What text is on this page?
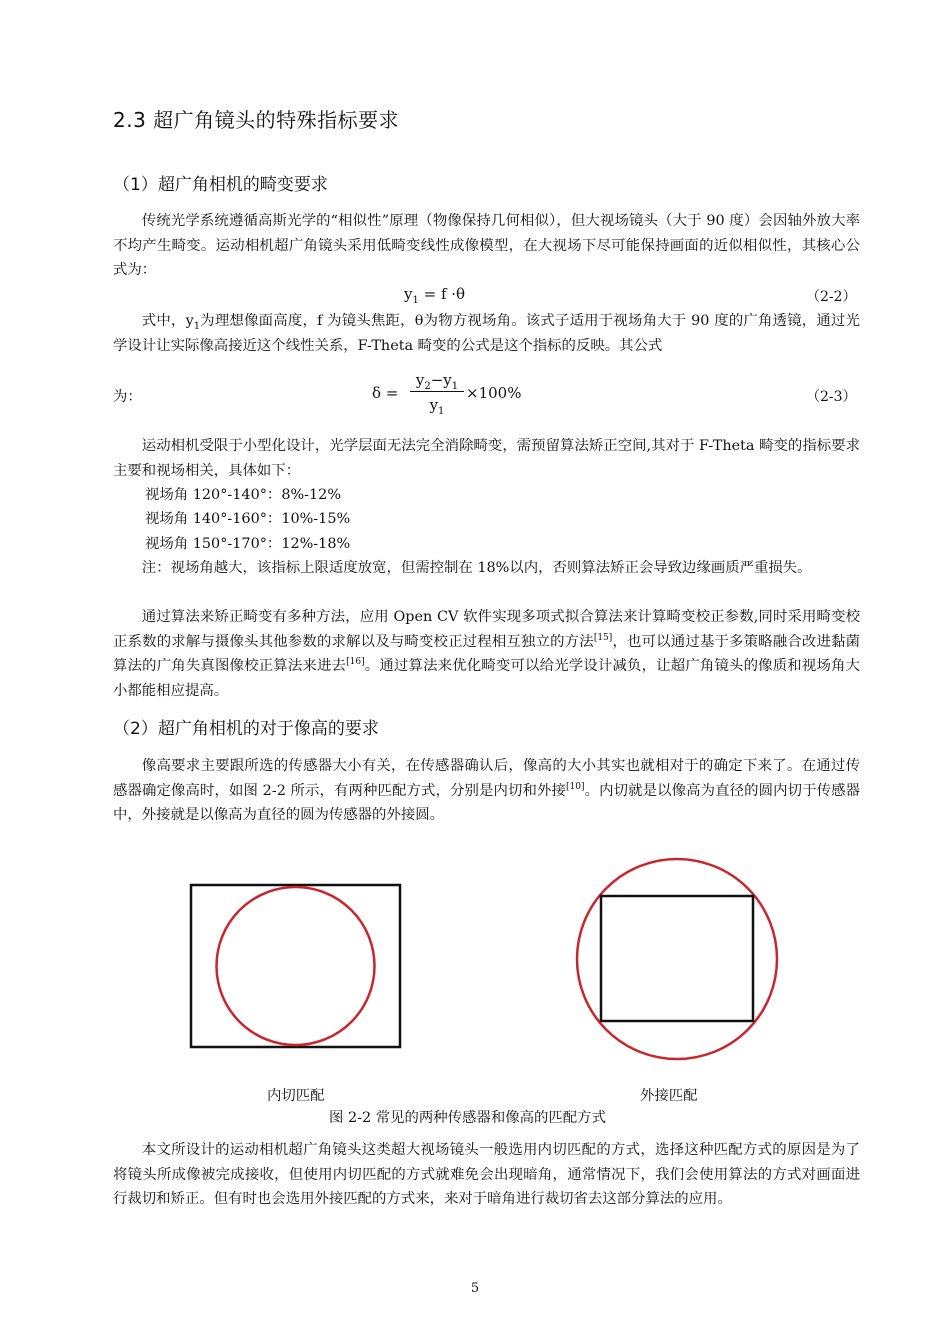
2.3 超广角镜头的特殊指标要求
（1）超广角相机的畸变要求

传统光学系统遵循高斯光学的“相似性”原理（物像保持几何相似），但大视场镜头（大于 90 度）会因轴外放大率不均产生畸变。运动相机超广角镜头采用低畸变线性成像模型，在大视场下尽可能保持画面的近似相似性，其核心公式为：

$y_1 = f \cdot\theta$	（2-2）

式中，$y_1$为理想像面高度，f 为镜头焦距，θ为物方视场角。该式子适用于视场角大于 90 度的广角透镜，通过光学设计让实际像高接近这个线性关系，F-Theta 畸变的公式是这个指标的反映。其公式

为：	$\delta = \frac{y_2-y_1}{y_1} \times 100\%$	（2-3）

运动相机受限于小型化设计，光学层面无法完全消除畸变，需预留算法矫正空间,其对于 F-Theta 畸变的指标要求主要和视场相关，具体如下：

视场角 120°-140°：8%-12%
视场角 140°-160°：10%-15%
视场角 150°-170°：12%-18%

注：视场角越大，该指标上限适度放宽，但需控制在 18%以内，否则算法矫正会导致边缘画质严重损失。

通过算法来矫正畸变有多种方法，应用 Open CV 软件实现多项式拟合算法来计算畸变校正参数,同时采用畸变校正系数的求解与摄像头其他参数的求解以及与畸变校正过程相互独立的方法[15]，也可以通过基于多策略融合改进黏菌算法的广角失真图像校正算法来进去[16]。通过算法来优化畸变可以给光学设计减负，让超广角镜头的像质和视场角大小都能相应提高。

（2）超广角相机的对于像高的要求

像高要求主要跟所选的传感器大小有关，在传感器确认后，像高的大小其实也就相对于的确定下来了。在通过传感器确定像高时，如图 2-2 所示，有两种匹配方式，分别是内切和外接[10]。内切就是以像高为直径的圆内切于传感器中，外接就是以像高为直径的圆为传感器的外接圆。

内切匹配	外接匹配
图 2-2 常见的两种传感器和像高的匹配方式

本文所设计的运动相机超广角镜头这类超大视场镜头一般选用内切匹配的方式，选择这种匹配方式的原因是为了将镜头所成像被完成接收，但使用内切匹配的方式就难免会出现暗角，通常情况下，我们会使用算法的方式对画面进行裁切和矫正。但有时也会选用外接匹配的方式来，来对于暗角进行裁切省去这部分算法的应用。

5
